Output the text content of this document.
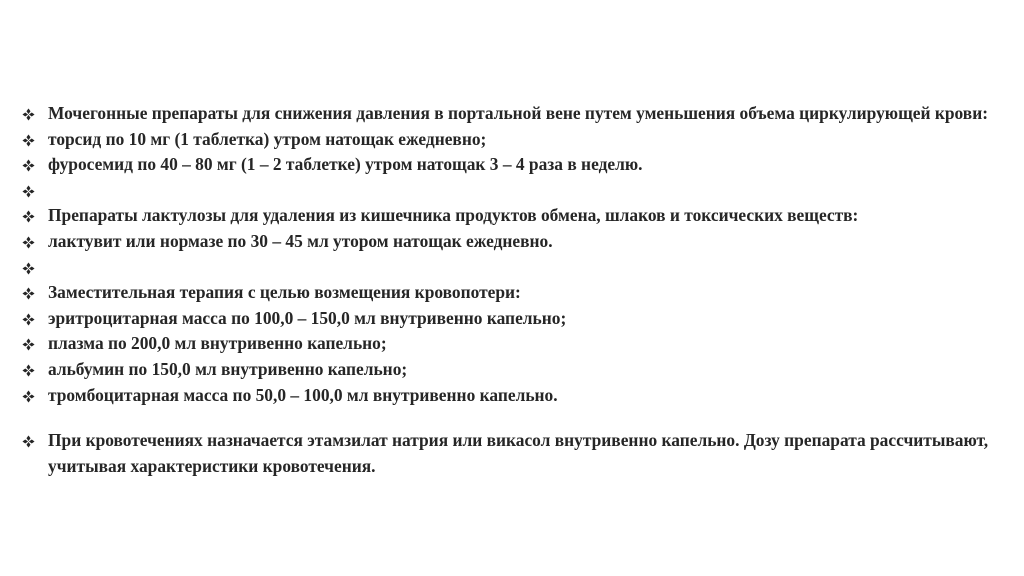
Мочегонные препараты для снижения давления в портальной вене путем уменьшения объема циркулирующей крови:
торсид по 10 мг (1 таблетка) утром натощак ежедневно;
фуросемид по 40 – 80 мг (1 – 2 таблетке) утром натощак 3 – 4 раза в неделю.
Препараты лактулозы для удаления из кишечника продуктов обмена, шлаков и токсических веществ:
лактувит или нормазе по 30 – 45 мл утором натощак ежедневно.
Заместительная терапия с целью возмещения кровопотери:
эритроцитарная масса по 100,0 – 150,0 мл внутривенно капельно;
плазма по 200,0 мл внутривенно капельно;
альбумин по 150,0 мл внутривенно капельно;
тромбоцитарная масса по 50,0 – 100,0 мл внутривенно капельно.
При кровотечениях назначается этамзилат натрия или викасол внутривенно капельно. Дозу препарата рассчитывают, учитывая характеристики кровотечения.
